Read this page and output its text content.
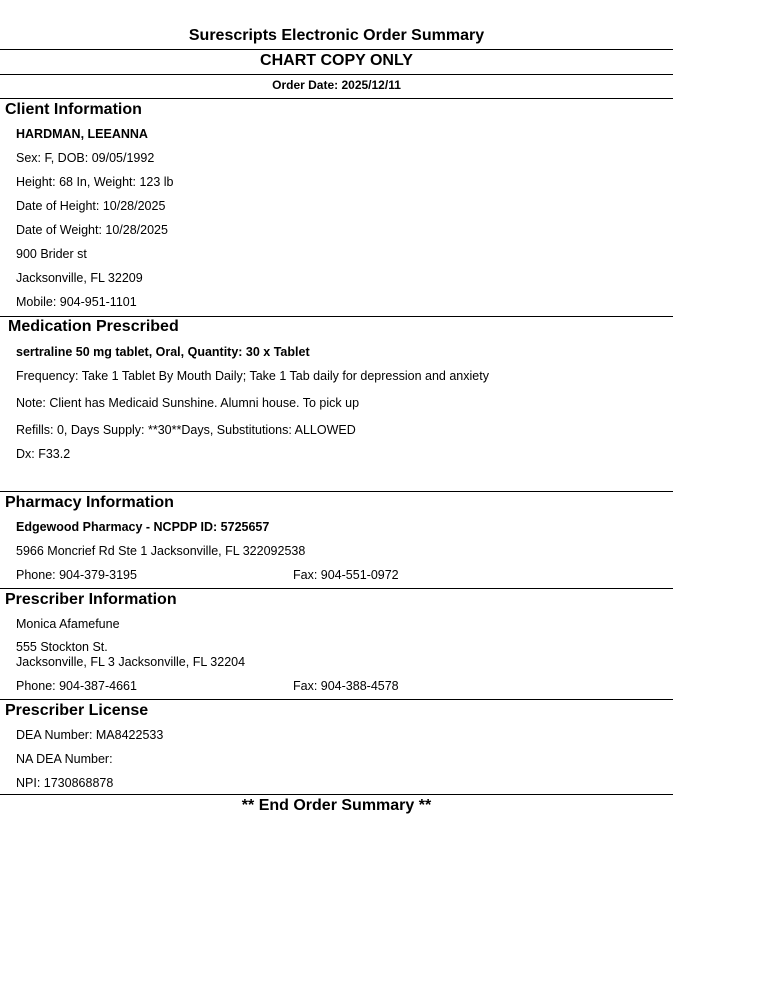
Surescripts Electronic Order Summary
CHART COPY ONLY
Order Date: 2025/12/11
Client Information
HARDMAN, LEEANNA
Sex: F, DOB: 09/05/1992
Height: 68 In, Weight: 123 lb
Date of Height: 10/28/2025
Date of Weight: 10/28/2025
900 Brider st
Jacksonville, FL 32209
Mobile: 904-951-1101
Medication Prescribed
sertraline 50 mg tablet, Oral, Quantity: 30 x Tablet
Frequency: Take 1 Tablet By Mouth Daily; Take 1 Tab daily for depression and anxiety
Note: Client has Medicaid Sunshine. Alumni house. To pick up
Refills: 0, Days Supply: **30**Days, Substitutions: ALLOWED
Dx: F33.2
Pharmacy Information
Edgewood Pharmacy - NCPDP ID: 5725657
5966 Moncrief Rd Ste 1 Jacksonville, FL 322092538
Phone: 904-379-3195	Fax: 904-551-0972
Prescriber Information
Monica Afamefune
555 Stockton St.
Jacksonville, FL 3 Jacksonville, FL 32204
Phone: 904-387-4661	Fax: 904-388-4578
Prescriber License
DEA Number: MA8422533
NA DEA Number:
NPI: 1730868878
** End Order Summary **
